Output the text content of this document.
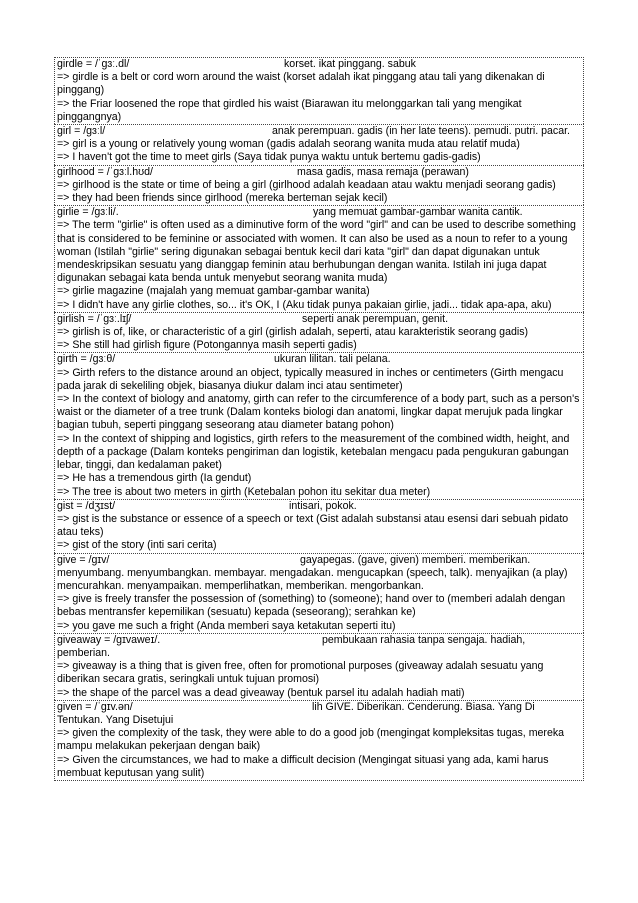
girdle = /ˈɡɜː.dl/	korset. ikat pinggang. sabuk
=> girdle is a belt or cord worn around the waist (korset adalah ikat pinggang atau tali yang dikenakan di pinggang)
=> the Friar loosened the rope that girdled his waist (Biarawan itu melonggarkan tali yang mengikat pinggangnya)
girl = /ɡɜːl/	anak perempuan. gadis (in her late teens). pemudi. putri. pacar.
=> girl is a young or relatively young woman (gadis adalah seorang wanita muda atau relatif muda)
=> I haven't got the time to meet girls (Saya tidak punya waktu untuk bertemu gadis-gadis)
girlhood = /ˈɡɜːl.hʊd/	masa gadis, masa remaja (perawan)
=> girlhood is the state or time of being a girl (girlhood adalah keadaan atau waktu menjadi seorang gadis)
=> they had been friends since girlhood (mereka berteman sejak kecil)
girlie = /ɡɜːli/.	yang memuat gambar-gambar wanita cantik.
=> The term "girlie" is often used as a diminutive form of the word "girl" and can be used to describe something that is considered to be feminine or associated with women. It can also be used as a noun to refer to a young woman (Istilah "girlie" sering digunakan sebagai bentuk kecil dari kata "girl" dan dapat digunakan untuk mendeskripsikan sesuatu yang dianggap feminin atau berhubungan dengan wanita. Istilah ini juga dapat digunakan sebagai kata benda untuk menyebut seorang wanita muda)
=> girlie magazine (majalah yang memuat gambar-gambar wanita)
=> I didn't have any girlie clothes, so... it's OK, I (Aku tidak punya pakaian girlie, jadi... tidak apa-apa, aku)
girlish = /ˈɡɜː.lɪʃ/	seperti anak perempuan, genit.
=> girlish is of, like, or characteristic of a girl (girlish adalah, seperti, atau karakteristik seorang gadis)
=> She still had girlish figure (Potongannya masih seperti gadis)
girth = /ɡɜːθ/	ukuran lilitan. tali pelana.
=> Girth refers to the distance around an object, typically measured in inches or centimeters (Girth mengacu pada jarak di sekeliling objek, biasanya diukur dalam inci atau sentimeter)
=> In the context of biology and anatomy, girth can refer to the circumference of a body part, such as a person's waist or the diameter of a tree trunk (Dalam konteks biologi dan anatomi, lingkar dapat merujuk pada lingkar bagian tubuh, seperti pinggang seseorang atau diameter batang pohon)
=> In the context of shipping and logistics, girth refers to the measurement of the combined width, height, and depth of a package (Dalam konteks pengiriman dan logistik, ketebalan mengacu pada pengukuran gabungan lebar, tinggi, dan kedalaman paket)
=> He has a tremendous girth (Ia gendut)
=> The tree is about two meters in girth (Ketebalan pohon itu sekitar dua meter)
gist = /dʒɪst/	intisari, pokok.
=> gist is the substance or essence of a speech or text (Gist adalah substansi atau esensi dari sebuah pidato atau teks)
=> gist of the story (inti sari cerita)
give = /ɡɪv/	gayapegas. (gave, given) memberi. memberikan. menyumbang. menyumbangkan. membayar. mengadakan. mengucapkan (speech, talk). menyajikan (a play) mencurahkan. menyampaikan. memperlihatkan, memberikan. mengorbankan.
=> give is freely transfer the possession of (something) to (someone); hand over to (memberi adalah dengan bebas mentransfer kepemilikan (sesuatu) kepada (seseorang); serahkan ke)
=> you gave me such a fright (Anda memberi saya ketakutan seperti itu)
giveaway = /ɡɪvaweɪ/.	pembukaan rahasia tanpa sengaja. hadiah, pemberian.
=> giveaway is a thing that is given free, often for promotional purposes (giveaway adalah sesuatu yang diberikan secara gratis, seringkali untuk tujuan promosi)
=> the shape of the parcel was a dead giveaway (bentuk parsel itu adalah hadiah mati)
given = /ˈɡɪv.ən/	lih GIVE. Diberikan. Cenderung. Biasa. Yang Di Tentukan. Yang Disetujui
=> given the complexity of the task, they were able to do a good job (mengingat kompleksitas tugas, mereka mampu melakukan pekerjaan dengan baik)
=> Given the circumstances, we had to make a difficult decision (Mengingat situasi yang ada, kami harus membuat keputusan yang sulit)
